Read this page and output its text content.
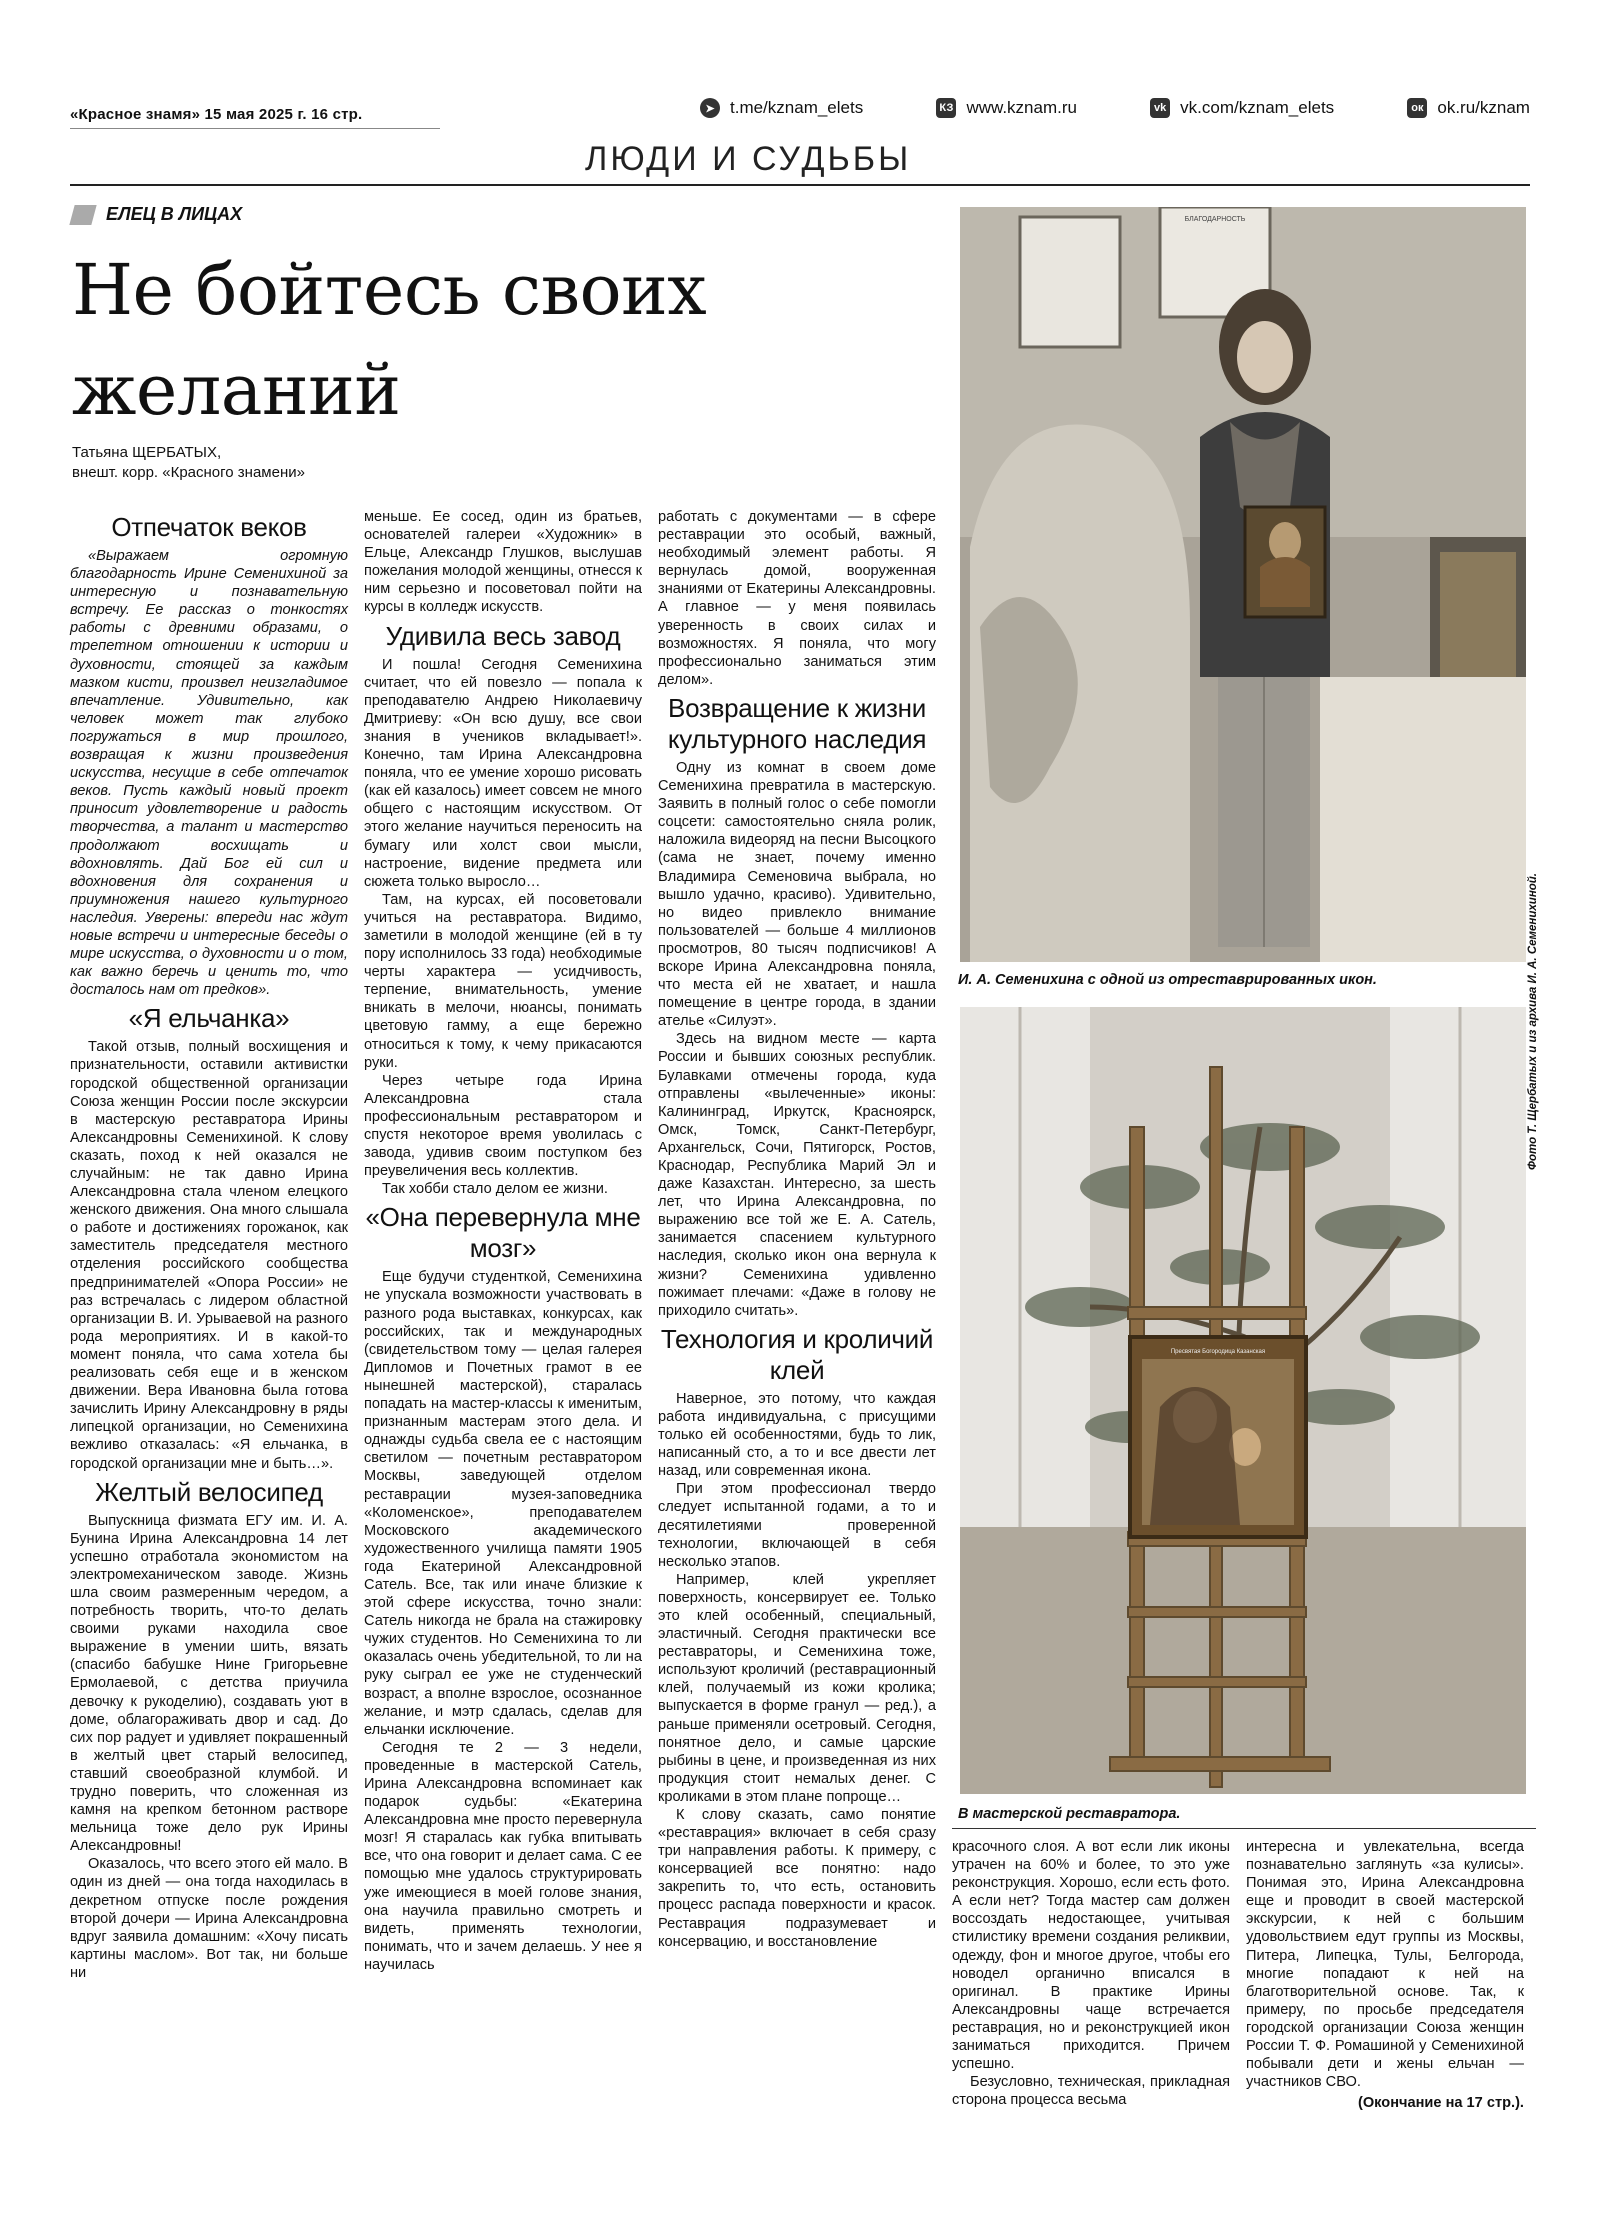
«Красное знамя» 15 мая 2025 г. 16 стр.	➤ t.me/kznam_elets	КЗ www.kznam.ru	vk vk.com/kznam_elets	ок ok.ru/kznam
ЛЮДИ И СУДЬБЫ
ЕЛЕЦ В ЛИЦАХ
Не бойтесь своих
желаний
Татьяна ЩЕРБАТЫХ,
внешт. корр. «Красного знамени»
Отпечаток веков

«Выражаем огромную благодарность Ирине Семенихиной за интересную и познавательную встречу. Ее рассказ о тонкостях работы с древними образами, о трепетном отношении к истории и духовности, стоящей за каждым мазком кисти, произвел неизгладимое впечатление. Удивительно, как человек может так глубоко погружаться в мир прошлого, возвращая к жизни произведения искусства, несущие в себе отпечаток веков. Пусть каждый новый проект приносит удовлетворение и радость творчества, а талант и мастерство продолжают восхищать и вдохновлять. Дай Бог ей сил и вдохновения для сохранения и приумножения нашего культурного наследия. Уверены: впереди нас ждут новые встречи и интересные беседы о мире искусства, о духовности и о том, как важно беречь и ценить то, что досталось нам от предков».

«Я ельчанка»

Такой отзыв, полный восхищения и признательности, оставили активистки городской общественной организации Союза женщин России после экскурсии в мастерскую реставратора Ирины Александровны Семенихиной. К слову сказать, поход к ней оказался не случайным: не так давно Ирина Александровна стала членом елецкого женского движения. Она много слышала о работе и достижениях горожанок, как заместитель председателя местного отделения российского сообщества предпринимателей «Опора России» не раз встречалась с лидером областной организации В. И. Урываевой на разного рода мероприятиях. И в какой-то момент поняла, что сама хотела бы реализовать себя еще и в женском движении. Вера Ивановна была готова зачислить Ирину Александровну в ряды липецкой организации, но Семенихина вежливо отказалась: «Я ельчанка, в городской организации мне и быть…».

Желтый велосипед

Выпускница физмата ЕГУ им. И. А. Бунина Ирина Александровна 14 лет успешно отработала экономистом на электромеханическом заводе. Жизнь шла своим размеренным чередом, а потребность творить, что-то делать своими руками находила свое выражение в умении шить, вязать (спасибо бабушке Нине Григорьевне Ермолаевой, с детства приучила девочку к рукоделию), создавать уют в доме, облагораживать двор и сад. До сих пор радует и удивляет покрашенный в желтый цвет старый велосипед, ставший своеобразной клумбой. И трудно поверить, что сложенная из камня на крепком бетонном растворе мельница тоже дело рук Ирины Александровны!

Оказалось, что всего этого ей мало. В один из дней — она тогда находилась в декретном отпуске после рождения второй дочери — Ирина Александровна вдруг заявила домашним: «Хочу писать картины маслом». Вот так, ни больше ни

меньше. Ее сосед, один из братьев, основателей галереи «Художник» в Ельце, Александр Глушков, выслушав пожелания молодой женщины, отнесся к ним серьезно и посоветовал пойти на курсы в колледж искусств.

Удивила весь завод

И пошла! Сегодня Семенихина считает, что ей повезло — попала к преподавателю Андрею Николаевичу Дмитриеву: «Он всю душу, все свои знания в учеников вкладывает!». Конечно, там Ирина Александровна поняла, что ее умение хорошо рисовать (как ей казалось) имеет совсем не много общего с настоящим искусством. От этого желание научиться переносить на бумагу или холст свои мысли, настроение, видение предмета или сюжета только выросло…

Там, на курсах, ей посоветовали учиться на реставратора. Видимо, заметили в молодой женщине (ей в ту пору исполнилось 33 года) необходимые черты характера — усидчивость, терпение, внимательность, умение вникать в мелочи, нюансы, понимать цветовую гамму, а еще бережно относиться к тому, к чему прикасаются руки.

Через четыре года Ирина Александровна стала профессиональным реставратором и спустя некоторое время уволилась с завода, удивив своим поступком без преувеличения весь коллектив.

Так хобби стало делом ее жизни.

«Она перевернула мне мозг»

Еще будучи студенткой, Семенихина не упускала возможности участвовать в разного рода выставках, конкурсах, как российских, так и международных (свидетельством тому — целая галерея Дипломов и Почетных грамот в ее нынешней мастерской), старалась попадать на мастер-классы к именитым, признанным мастерам этого дела. И однажды судьба свела ее с настоящим светилом — почетным реставратором Москвы, заведующей отделом реставрации музея-заповедника «Коломенское», преподавателем Московского академического художественного училища памяти 1905 года Екатериной Александровной Сатель. Все, так или иначе близкие к этой сфере искусства, точно знали: Сатель никогда не брала на стажировку чужих студентов. Но Семенихина то ли оказалась очень убедительной, то ли на руку сыграл ее уже не студенческий возраст, а вполне взрослое, осознанное желание, и мэтр сдалась, сделав для ельчанки исключение.

Сегодня те 2 — 3 недели, проведенные в мастерской Сатель, Ирина Александровна вспоминает как подарок судьбы: «Екатерина Александровна мне просто перевернула мозг! Я старалась как губка впитывать все, что она говорит и делает сама. С ее помощью мне удалось структурировать уже имеющиеся в моей голове знания, она научила правильно смотреть и видеть, применять технологии, понимать, что и зачем делаешь. У нее я научилась

работать с документами — в сфере реставрации это особый, важный, необходимый элемент работы. Я вернулась домой, вооруженная знаниями от Екатерины Александровны. А главное — у меня появилась уверенность в своих силах и возможностях. Я поняла, что могу профессионально заниматься этим делом».

Возвращение к жизни культурного наследия

Одну из комнат в своем доме Семенихина превратила в мастерскую. Заявить в полный голос о себе помогли соцсети: самостоятельно сняла ролик, наложила видеоряд на песни Высоцкого (сама не знает, почему именно Владимира Семеновича выбрала, но вышло удачно, красиво). Удивительно, но видео привлекло внимание пользователей — больше 4 миллионов просмотров, 80 тысяч подписчиков! А вскоре Ирина Александровна поняла, что места ей не хватает, и нашла помещение в центре города, в здании ателье «Силуэт».

Здесь на видном месте — карта России и бывших союзных республик. Булавками отмечены города, куда отправлены «вылеченные» иконы: Калининград, Иркутск, Красноярск, Омск, Томск, Санкт-Петербург, Архангельск, Сочи, Пятигорск, Ростов, Краснодар, Республика Марий Эл и даже Казахстан. Интересно, за шесть лет, что Ирина Александровна, по выражению все той же Е. А. Сатель, занимается спасением культурного наследия, сколько икон она вернула к жизни? Семенихина удивленно пожимает плечами: «Даже в голову не приходило считать».

Технология и кроличий клей

Наверное, это потому, что каждая работа индивидуальна, с присущими только ей особенностями, будь то лик, написанный сто, а то и все двести лет назад, или современная икона.

При этом профессионал твердо следует испытанной годами, а то и десятилетиями проверенной технологии, включающей в себя несколько этапов.

Например, клей укрепляет поверхность, консервирует ее. Только это клей особенный, специальный, эластичный. Сегодня практически все реставраторы, и Семенихина тоже, используют кроличий (реставрационный клей, получаемый из кожи кролика; выпускается в форме гранул — ред.), а раньше применяли осетровый. Сегодня, понятное дело, и самые царские рыбины в цене, и произведенная из них продукция стоит немалых денег. С кроликами в этом плане попроще…

К слову сказать, само понятие «реставрация» включает в себя сразу три направления работы. К примеру, с консервацией все понятно: надо закрепить то, что есть, остановить процесс распада поверхности и красок. Реставрация подразумевает и консервацию, и восстановление

БЛАГОДАРНОСТЬ
И. А. Семенихина с одной из отреставрированных икон.
Пресвятая Богородица Казанская
В мастерской реставратора.
Фото Т. Щербатых и из архива И. А. Семенихиной.

красочного слоя. А вот если лик иконы утрачен на 60% и более, то это уже реконструкция. Хорошо, если есть фото. А если нет? Тогда мастер сам должен воссоздать недостающее, учитывая стилистику времени создания реликвии, одежду, фон и многое другое, чтобы его новодел органично вписался в оригинал. В практике Ирины Александровны чаще встречается реставрация, но и реконструкцией икон заниматься приходится. Причем успешно.

Безусловно, техническая, прикладная сторона процесса весьма

интересна и увлекательна, всегда познавательно заглянуть «за кулисы». Понимая это, Ирина Александровна еще и проводит в своей мастерской экскурсии, к ней с большим удовольствием едут группы из Москвы, Питера, Липецка, Тулы, Белгорода, многие попадают к ней на благотворительной основе. Так, к примеру, по просьбе председателя городской организации Союза женщин России Т. Ф. Ромашиной у Семенихиной побывали дети и жены ельчан — участников СВО.

(Окончание на 17 стр.).
